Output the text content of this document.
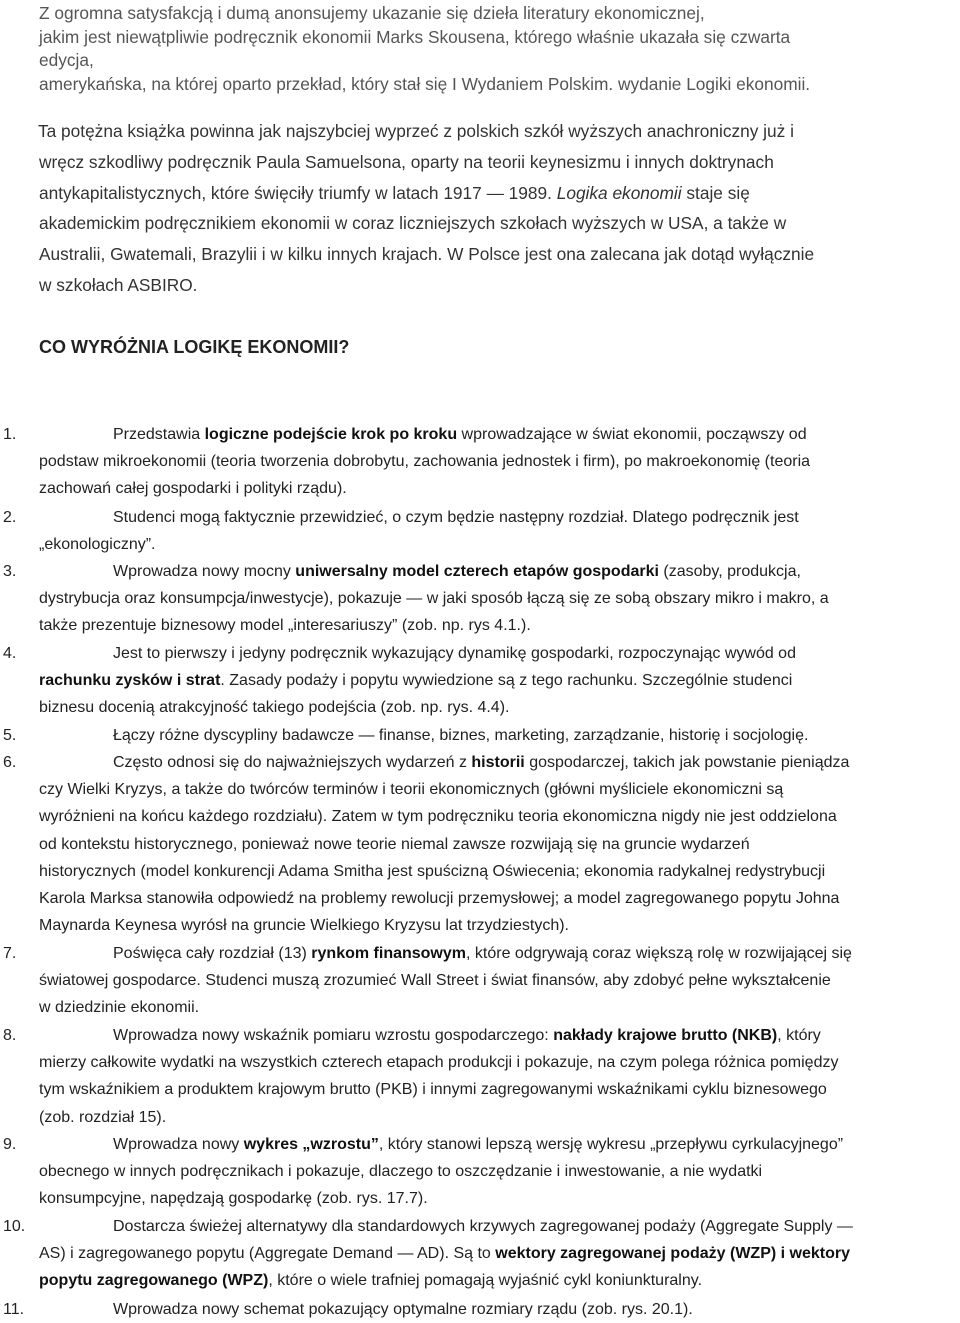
Z ogromna satysfakcją i dumą anonsujemy ukazanie się dzieła literatury ekonomicznej,
jakim jest niewątpliwie podręcznik ekonomii Marks Skousena, którego właśnie ukazała się czwarta
edycja,
amerykańska, na której oparto przekład, który stał się I Wydaniem Polskim. wydanie Logiki ekonomii.
Ta potężna książka powinna jak najszybciej wyprzeć z polskich szkół wyższych anachroniczny już i
wręcz szkodliwy podręcznik Paula Samuelsona, oparty na teorii keynesizmu i innych doktrynach
antykapitalistycznych, które święciły triumfy w latach 1917 — 1989. Logika ekonomii staje się
akademickim podręcznikiem ekonomii w coraz liczniejszych szkołach wyższych w USA, a także w
Australii, Gwatemali, Brazylii i w kilku innych krajach. W Polsce jest ona zalecana jak dotąd wyłącznie
w szkołach ASBIRO.
CO WYRÓŻNIA LOGIKĘ EKONOMII?
1.	Przedstawia logiczne podejście krok po kroku wprowadzające w świat ekonomii, począwszy od
podstaw mikroekonomii (teoria tworzenia dobrobytu, zachowania jednostek i firm), po makroekonomię (teoria
zachowań całej gospodarki i polityki rządu).
2.	Studenci mogą faktycznie przewidzieć, o czym będzie następny rozdział. Dlatego podręcznik jest
„ekonologiczny”.
3.	Wprowadza nowy mocny uniwersalny model czterech etapów gospodarki (zasoby, produkcja,
dystrybucja oraz konsumpcja/inwestycje), pokazuje — w jaki sposób łączą się ze sobą obszary mikro i makro, a
także prezentuje biznesowy model „interesariuszy” (zob. np. rys 4.1.).
4.	Jest to pierwszy i jedyny podręcznik wykazujący dynamikę gospodarki, rozpoczynając wywód od
rachunku zysków i strat. Zasady podaży i popytu wywiedzione są z tego rachunku. Szczególnie studenci
biznesu docenią atrakcyjność takiego podejścia (zob. np. rys. 4.4).
5.	Łączy różne dyscypliny badawcze — finanse, biznes, marketing, zarządzanie, historię i socjologię.
6.	Często odnosi się do najważniejszych wydarzeń z historii gospodarczej, takich jak powstanie pieniądza
czy Wielki Kryzys, a także do twórców terminów i teorii ekonomicznych (główni myśliciele ekonomiczni są
wyróżnieni na końcu każdego rozdziału). Zatem w tym podręczniku teoria ekonomiczna nigdy nie jest oddzielona
od kontekstu historycznego, ponieważ nowe teorie niemal zawsze rozwijają się na gruncie wydarzeń
historycznych (model konkurencji Adama Smitha jest spuścizną Oświecenia; ekonomia radykalnej redystrybucji
Karola Marksa stanowiła odpowiedź na problemy rewolucji przemysłowej; a model zagregowanego popytu Johna
Maynarda Keynesa wyrósł na gruncie Wielkiego Kryzysu lat trzydziestych).
7.	Poświęca cały rozdział (13) rynkom finansowym, które odgrywają coraz większą rolę w rozwijającej się
światowej gospodarce. Studenci muszą zrozumieć Wall Street i świat finansów, aby zdobyć pełne wykształcenie
w dziedzinie ekonomii.
8.	Wprowadza nowy wskaźnik pomiaru wzrostu gospodarczego: nakłady krajowe brutto (NKB), który
mierzy całkowite wydatki na wszystkich czterech etapach produkcji i pokazuje, na czym polega różnica pomiędzy
tym wskaźnikiem a produktem krajowym brutto (PKB) i innymi zagregowanymi wskaźnikami cyklu biznesowego
(zob. rozdział 15).
9.	Wprowadza nowy wykres „wzrostu”, który stanowi lepszą wersję wykresu „przepływu cyrkulacyjnego”
obecnego w innych podręcznikach i pokazuje, dlaczego to oszczędzanie i inwestowanie, a nie wydatki
konsumpcyjne, napędzają gospodarkę (zob. rys. 17.7).
10.	Dostarcza świeżej alternatywy dla standardowych krzywych zagregowanej podaży (Aggregate Supply —
AS) i zagregowanego popytu (Aggregate Demand — AD). Są to wektory zagregowanej podaży (WZP) i wektory
popytu zagregowanego (WPZ), które o wiele trafniej pomagają wyjaśnić cykl koniunkturalny.
11.	Wprowadza nowy schemat pokazujący optymalne rozmiary rządu (zob. rys. 20.1).
